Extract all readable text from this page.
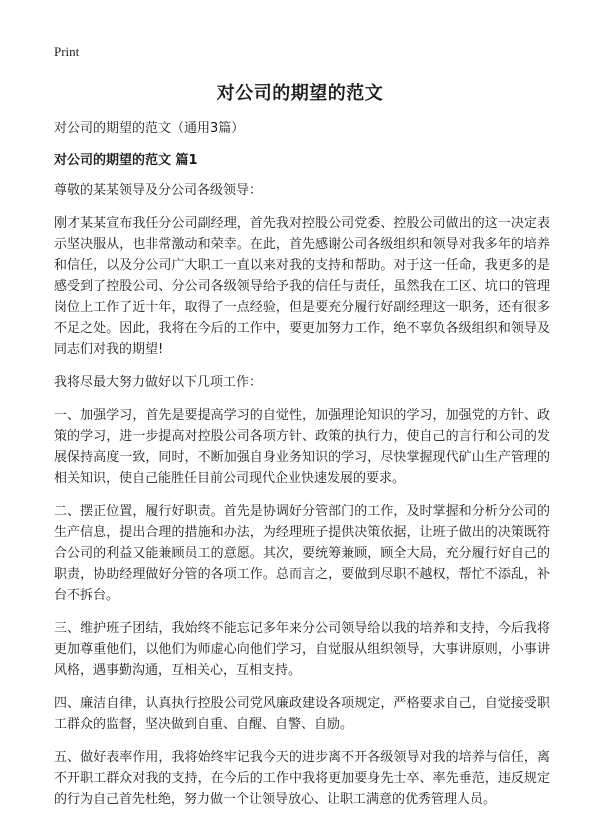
Print
对公司的期望的范文

对公司的期望的范文（通用3篇）

对公司的期望的范文 篇1

尊敬的某某领导及分公司各级领导：

刚才某某宣布我任分公司副经理，首先我对控股公司党委、控股公司做出的这一决定表示坚决服从，也非常激动和荣幸。在此，首先感谢公司各级组织和领导对我多年的培养和信任，以及分公司广大职工一直以来对我的支持和帮助。对于这一任命，我更多的是感受到了控股公司、分公司各级领导给予我的信任与责任，虽然我在工区、坑口的管理岗位上工作了近十年，取得了一点经验，但是要充分履行好副经理这一职务，还有很多不足之处。因此，我将在今后的工作中，要更加努力工作，绝不辜负各级组织和领导及同志们对我的期望!

我将尽最大努力做好以下几项工作：

一、加强学习，首先是要提高学习的自觉性，加强理论知识的学习，加强党的方针、政策的学习，进一步提高对控股公司各项方针、政策的执行力，使自己的言行和公司的发展保持高度一致，同时，不断加强自身业务知识的学习，尽快掌握现代矿山生产管理的相关知识，使自己能胜任目前公司现代企业快速发展的要求。

二、摆正位置，履行好职责。首先是协调好分管部门的工作，及时掌握和分析分公司的生产信息，提出合理的措施和办法，为经理班子提供决策依据，让班子做出的决策既符合公司的利益又能兼顾员工的意愿。其次，要统筹兼顾，顾全大局，充分履行好自己的职责，协助经理做好分管的各项工作。总而言之，要做到尽职不越权，帮忙不添乱，补台不拆台。

三、维护班子团结，我始终不能忘记多年来分公司领导给以我的培养和支持，今后我将更加尊重他们，以他们为师虚心向他们学习，自觉服从组织领导，大事讲原则，小事讲风格，遇事勤沟通，互相关心，互相支持。

四、廉洁自律，认真执行控股公司党风廉政建设各项规定，严格要求自己，自觉接受职工群众的监督，坚决做到自重、自醒、自警、自励。

五、做好表率作用，我将始终牢记我今天的进步离不开各级领导对我的培养与信任，离不开职工群众对我的支持，在今后的工作中我将更加要身先士卒、率先垂范，违反规定的行为自己首先杜绝，努力做一个让领导放心、让职工满意的优秀管理人员。
